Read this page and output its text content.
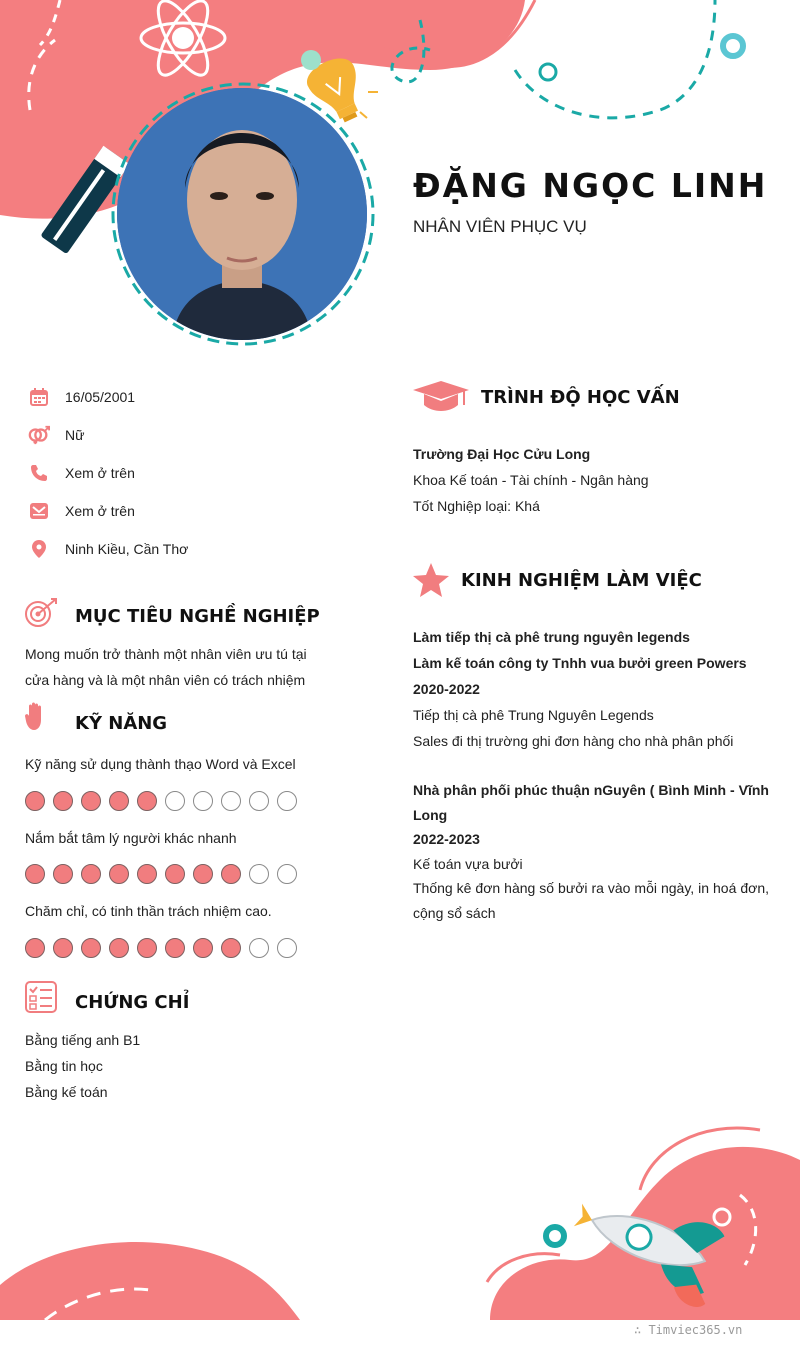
ĐẶNG NGỌC LINH
NHÂN VIÊN PHỤC VỤ
16/05/2001
Nữ
Xem ở trên
Xem ở trên
Ninh Kiều, Cần Thơ
MỤC TIÊU NGHỀ NGHIỆP
Mong muốn trở thành một nhân viên ưu tú tại
cửa hàng và là một nhân viên có trách nhiệm
KỸ NĂNG
Kỹ năng sử dụng thành thạo Word và Excel
Nắm bắt tâm lý người khác nhanh
Chăm chỉ, có tinh thần trách nhiệm cao.
CHỨNG CHỈ
Bằng tiếng anh B1
Bằng tin học
Bằng kế toán
TRÌNH ĐỘ HỌC VẤN
Trường Đại Học Cửu Long
Khoa Kế toán - Tài chính - Ngân hàng
Tốt Nghiệp loại: Khá
KINH NGHIỆM LÀM VIỆC
Làm tiếp thị cà phê trung nguyên legends
Làm kế toán công ty Tnhh vua bưởi green Powers
2020-2022
Tiếp thị cà phê Trung Nguyên Legends
Sales đi thị trường ghi đơn hàng cho nhà phân phối
Nhà phân phối phúc thuận nGuyên ( Bình Minh - Vĩnh
Long
2022-2023
Kế toán vựa bưởi
Thống kê đơn hàng số bưởi ra vào mỗi ngày, in hoá đơn,
cộng sổ sách
∴ Timviec365.vn
